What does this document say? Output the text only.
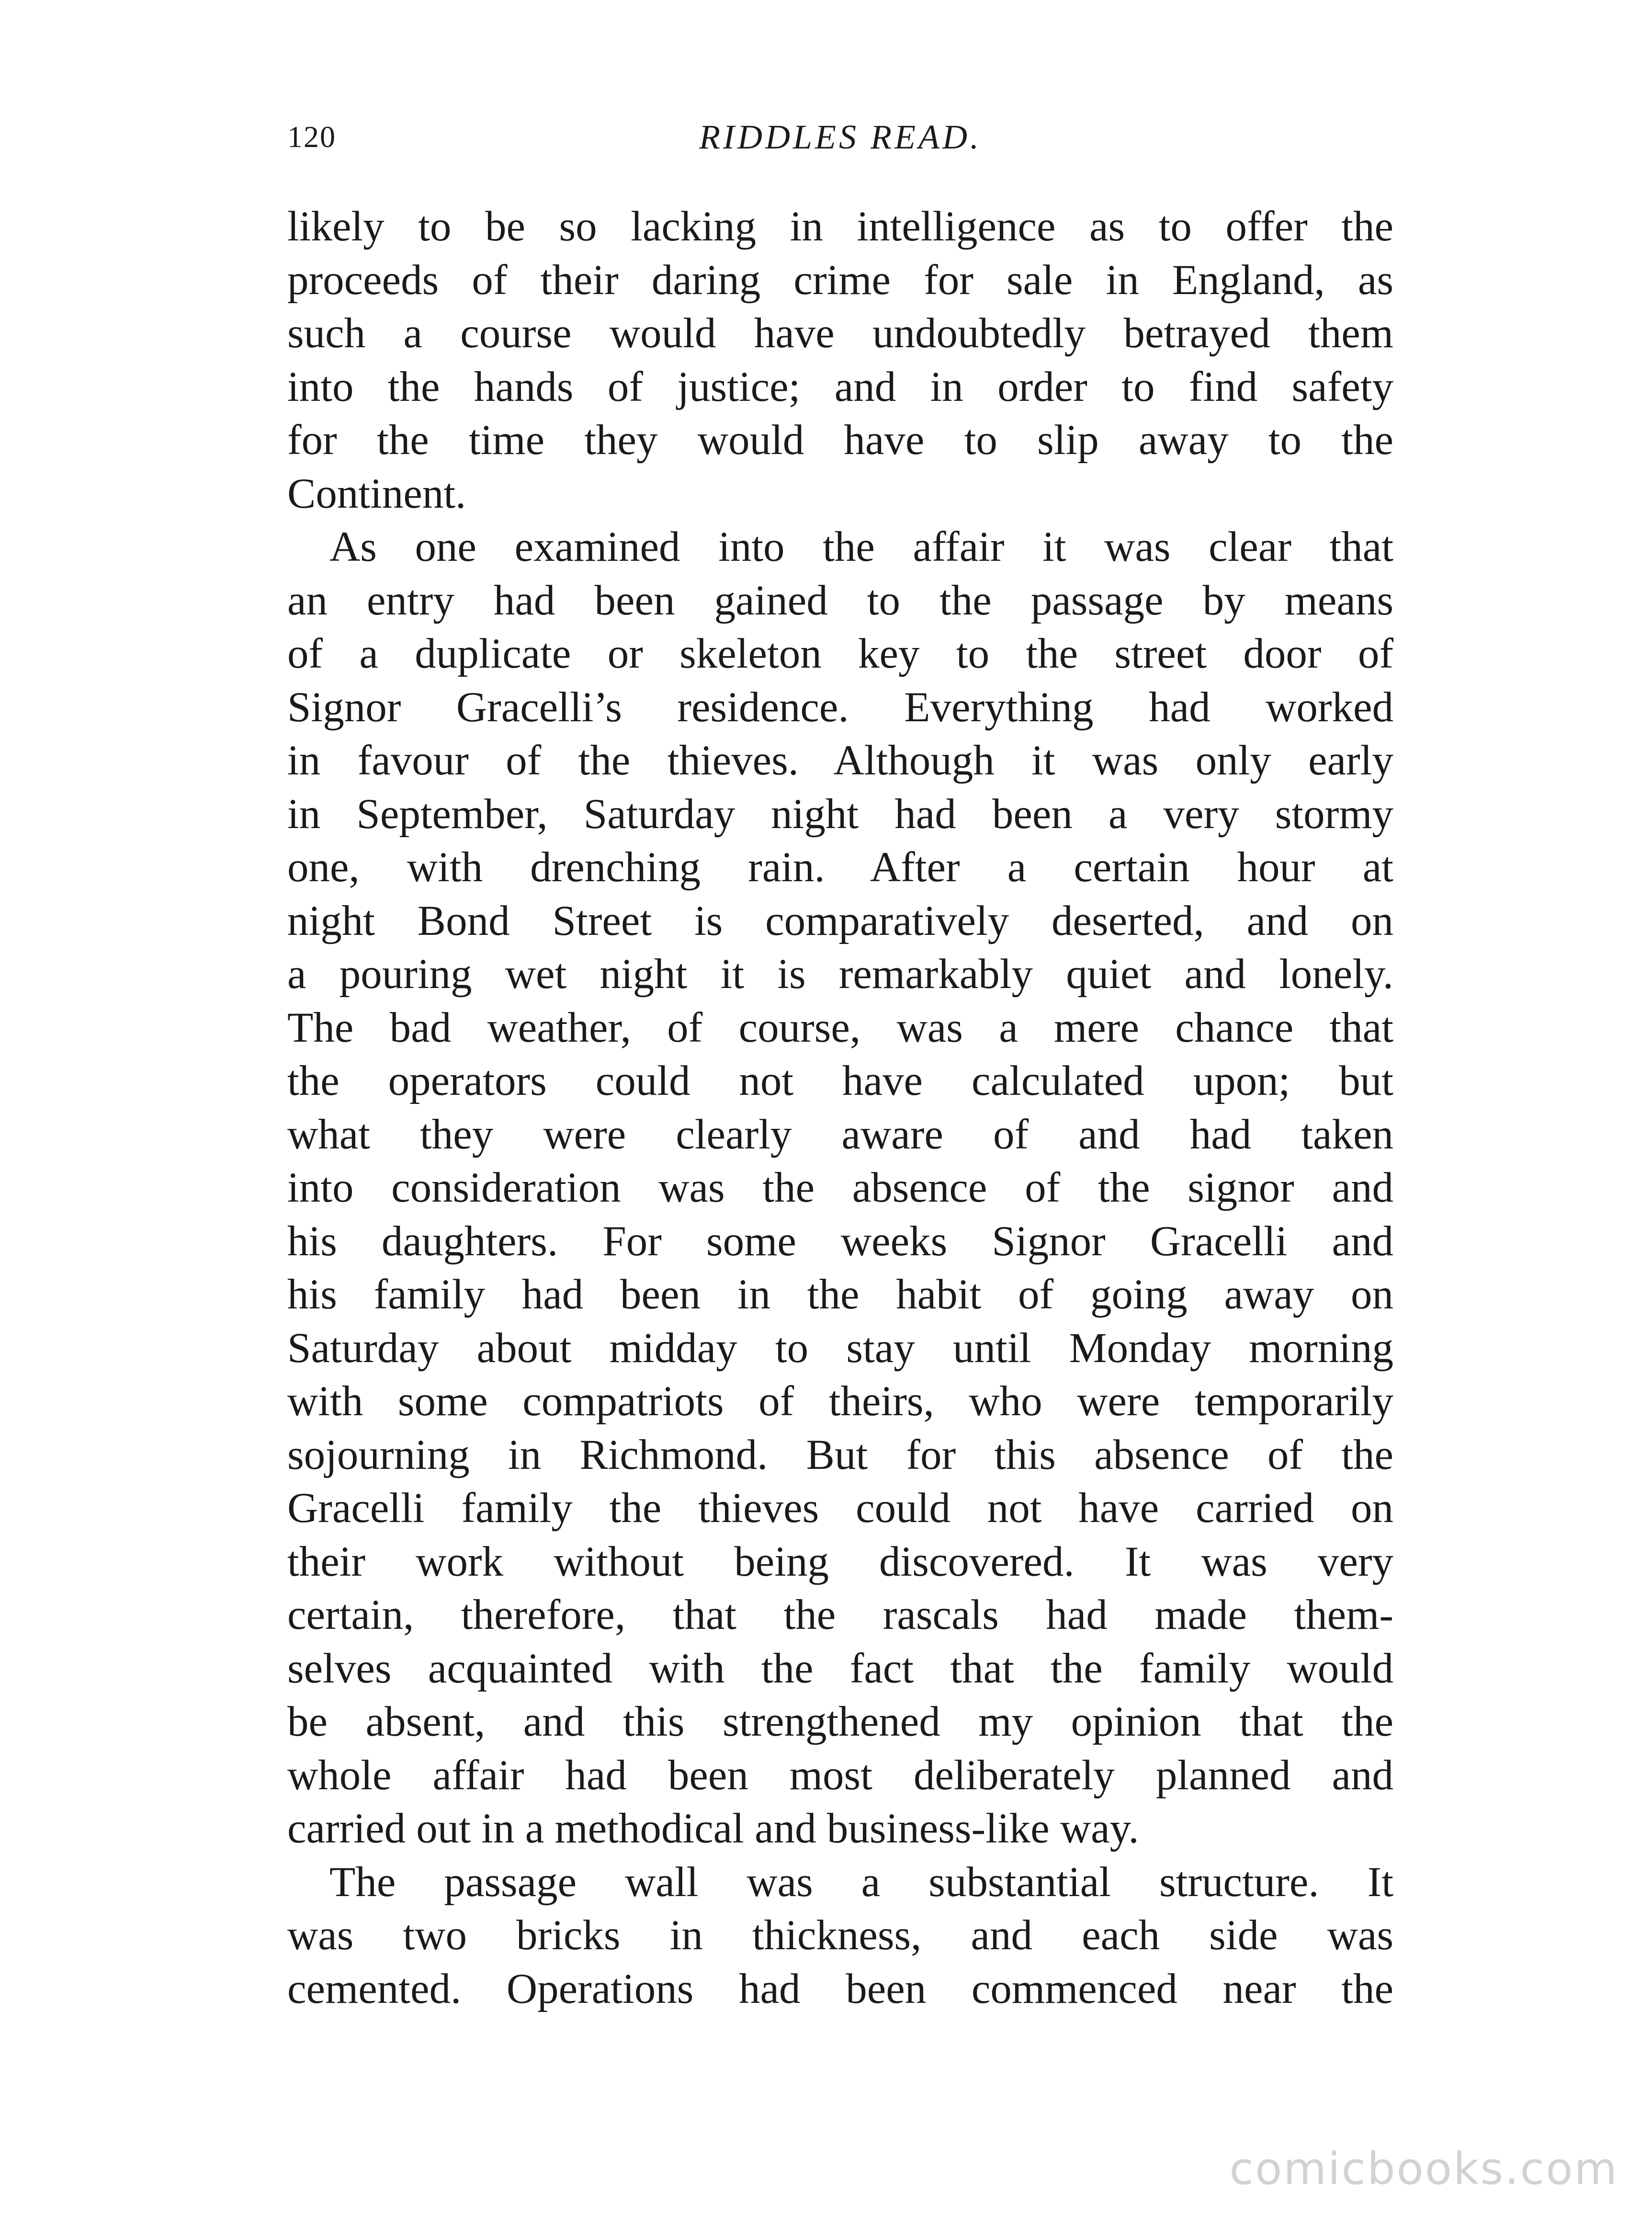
120	RIDDLES READ.
likely to be so lacking in intelligence as to offer the
proceeds of their daring crime for sale in England, as
such a course would have undoubtedly betrayed them
into the hands of justice; and in order to find safety
for the time they would have to slip away to the
Continent.
As one examined into the affair it was clear that
an entry had been gained to the passage by means
of a duplicate or skeleton key to the street door of
Signor Gracelli’s residence. Everything had worked
in favour of the thieves. Although it was only early
in September, Saturday night had been a very stormy
one, with drenching rain. After a certain hour at
night Bond Street is comparatively deserted, and on
a pouring wet night it is remarkably quiet and lonely.
The bad weather, of course, was a mere chance that
the operators could not have calculated upon; but
what they were clearly aware of and had taken
into consideration was the absence of the signor and
his daughters. For some weeks Signor Gracelli and
his family had been in the habit of going away on
Saturday about midday to stay until Monday morning
with some compatriots of theirs, who were temporarily
sojourning in Richmond. But for this absence of the
Gracelli family the thieves could not have carried on
their work without being discovered. It was very
certain, therefore, that the rascals had made them-
selves acquainted with the fact that the family would
be absent, and this strengthened my opinion that the
whole affair had been most deliberately planned and
carried out in a methodical and business-like way.
The passage wall was a substantial structure. It
was two bricks in thickness, and each side was
cemented. Operations had been commenced near the
comicbooks.com
